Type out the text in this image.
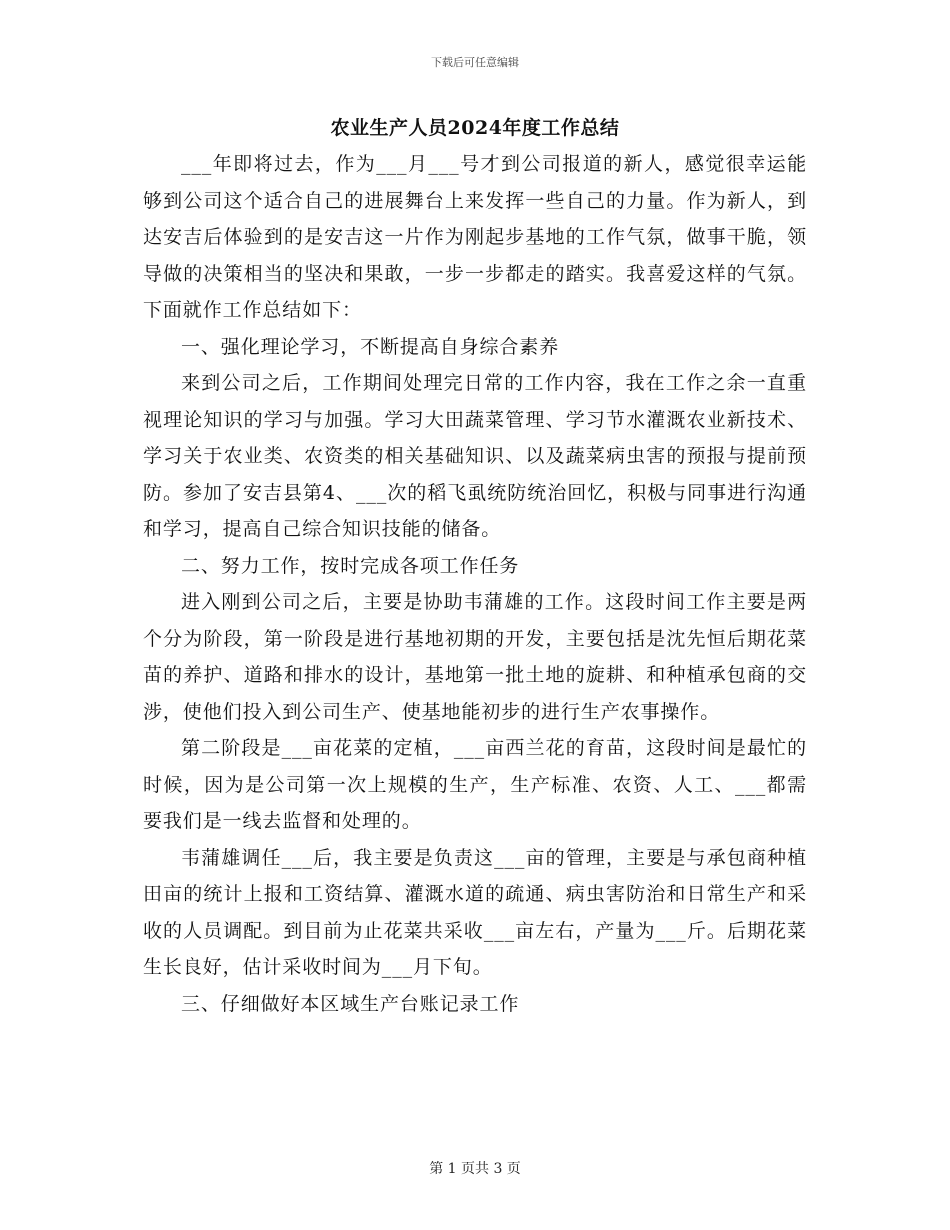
下载后可任意编辑
农业生产人员2024年度工作总结

___年即将过去，作为___月___号才到公司报道的新人，感觉很幸运能够到公司这个适合自己的进展舞台上来发挥一些自己的力量。作为新人，到达安吉后体验到的是安吉这一片作为刚起步基地的工作气氛，做事干脆，领导做的决策相当的坚决和果敢，一步一步都走的踏实。我喜爱这样的气氛。下面就作工作总结如下：

一、强化理论学习，不断提高自身综合素养

来到公司之后，工作期间处理完日常的工作内容，我在工作之余一直重视理论知识的学习与加强。学习大田蔬菜管理、学习节水灌溉农业新技术、学习关于农业类、农资类的相关基础知识、以及蔬菜病虫害的预报与提前预防。参加了安吉县第4、___次的稻飞虱统防统治回忆，积极与同事进行沟通和学习，提高自己综合知识技能的储备。

二、努力工作，按时完成各项工作任务

进入刚到公司之后，主要是协助韦蒲雄的工作。这段时间工作主要是两个分为阶段，第一阶段是进行基地初期的开发，主要包括是沈先恒后期花菜苗的养护、道路和排水的设计，基地第一批土地的旋耕、和种植承包商的交涉，使他们投入到公司生产、使基地能初步的进行生产农事操作。

第二阶段是___亩花菜的定植，___亩西兰花的育苗，这段时间是最忙的时候，因为是公司第一次上规模的生产，生产标准、农资、人工、___都需要我们是一线去监督和处理的。

韦蒲雄调任___后，我主要是负责这___亩的管理，主要是与承包商种植田亩的统计上报和工资结算、灌溉水道的疏通、病虫害防治和日常生产和采收的人员调配。到目前为止花菜共采收___亩左右，产量为___斤。后期花菜生长良好，估计采收时间为___月下旬。

三、仔细做好本区域生产台账记录工作

第 1 页共 3 页
